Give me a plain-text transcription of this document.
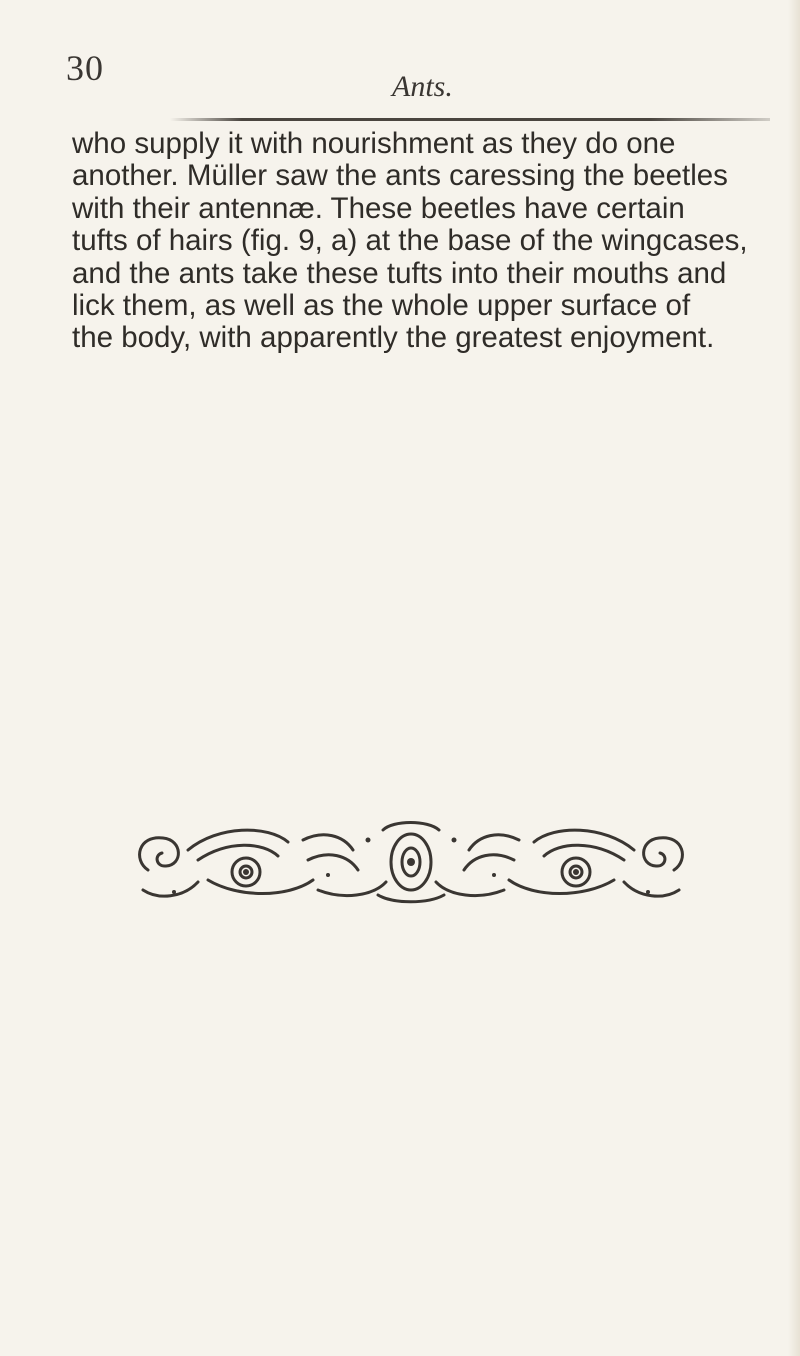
30	Ants.

who supply it with nourishment as they do one
another. Müller saw the ants caressing the beetles
with their antennæ. These beetles have certain
tufts of hairs (fig. 9, a) at the base of the wingcases,
and the ants take these tufts into their mouths and
lick them, as well as the whole upper surface of
the body, with apparently the greatest enjoyment.
